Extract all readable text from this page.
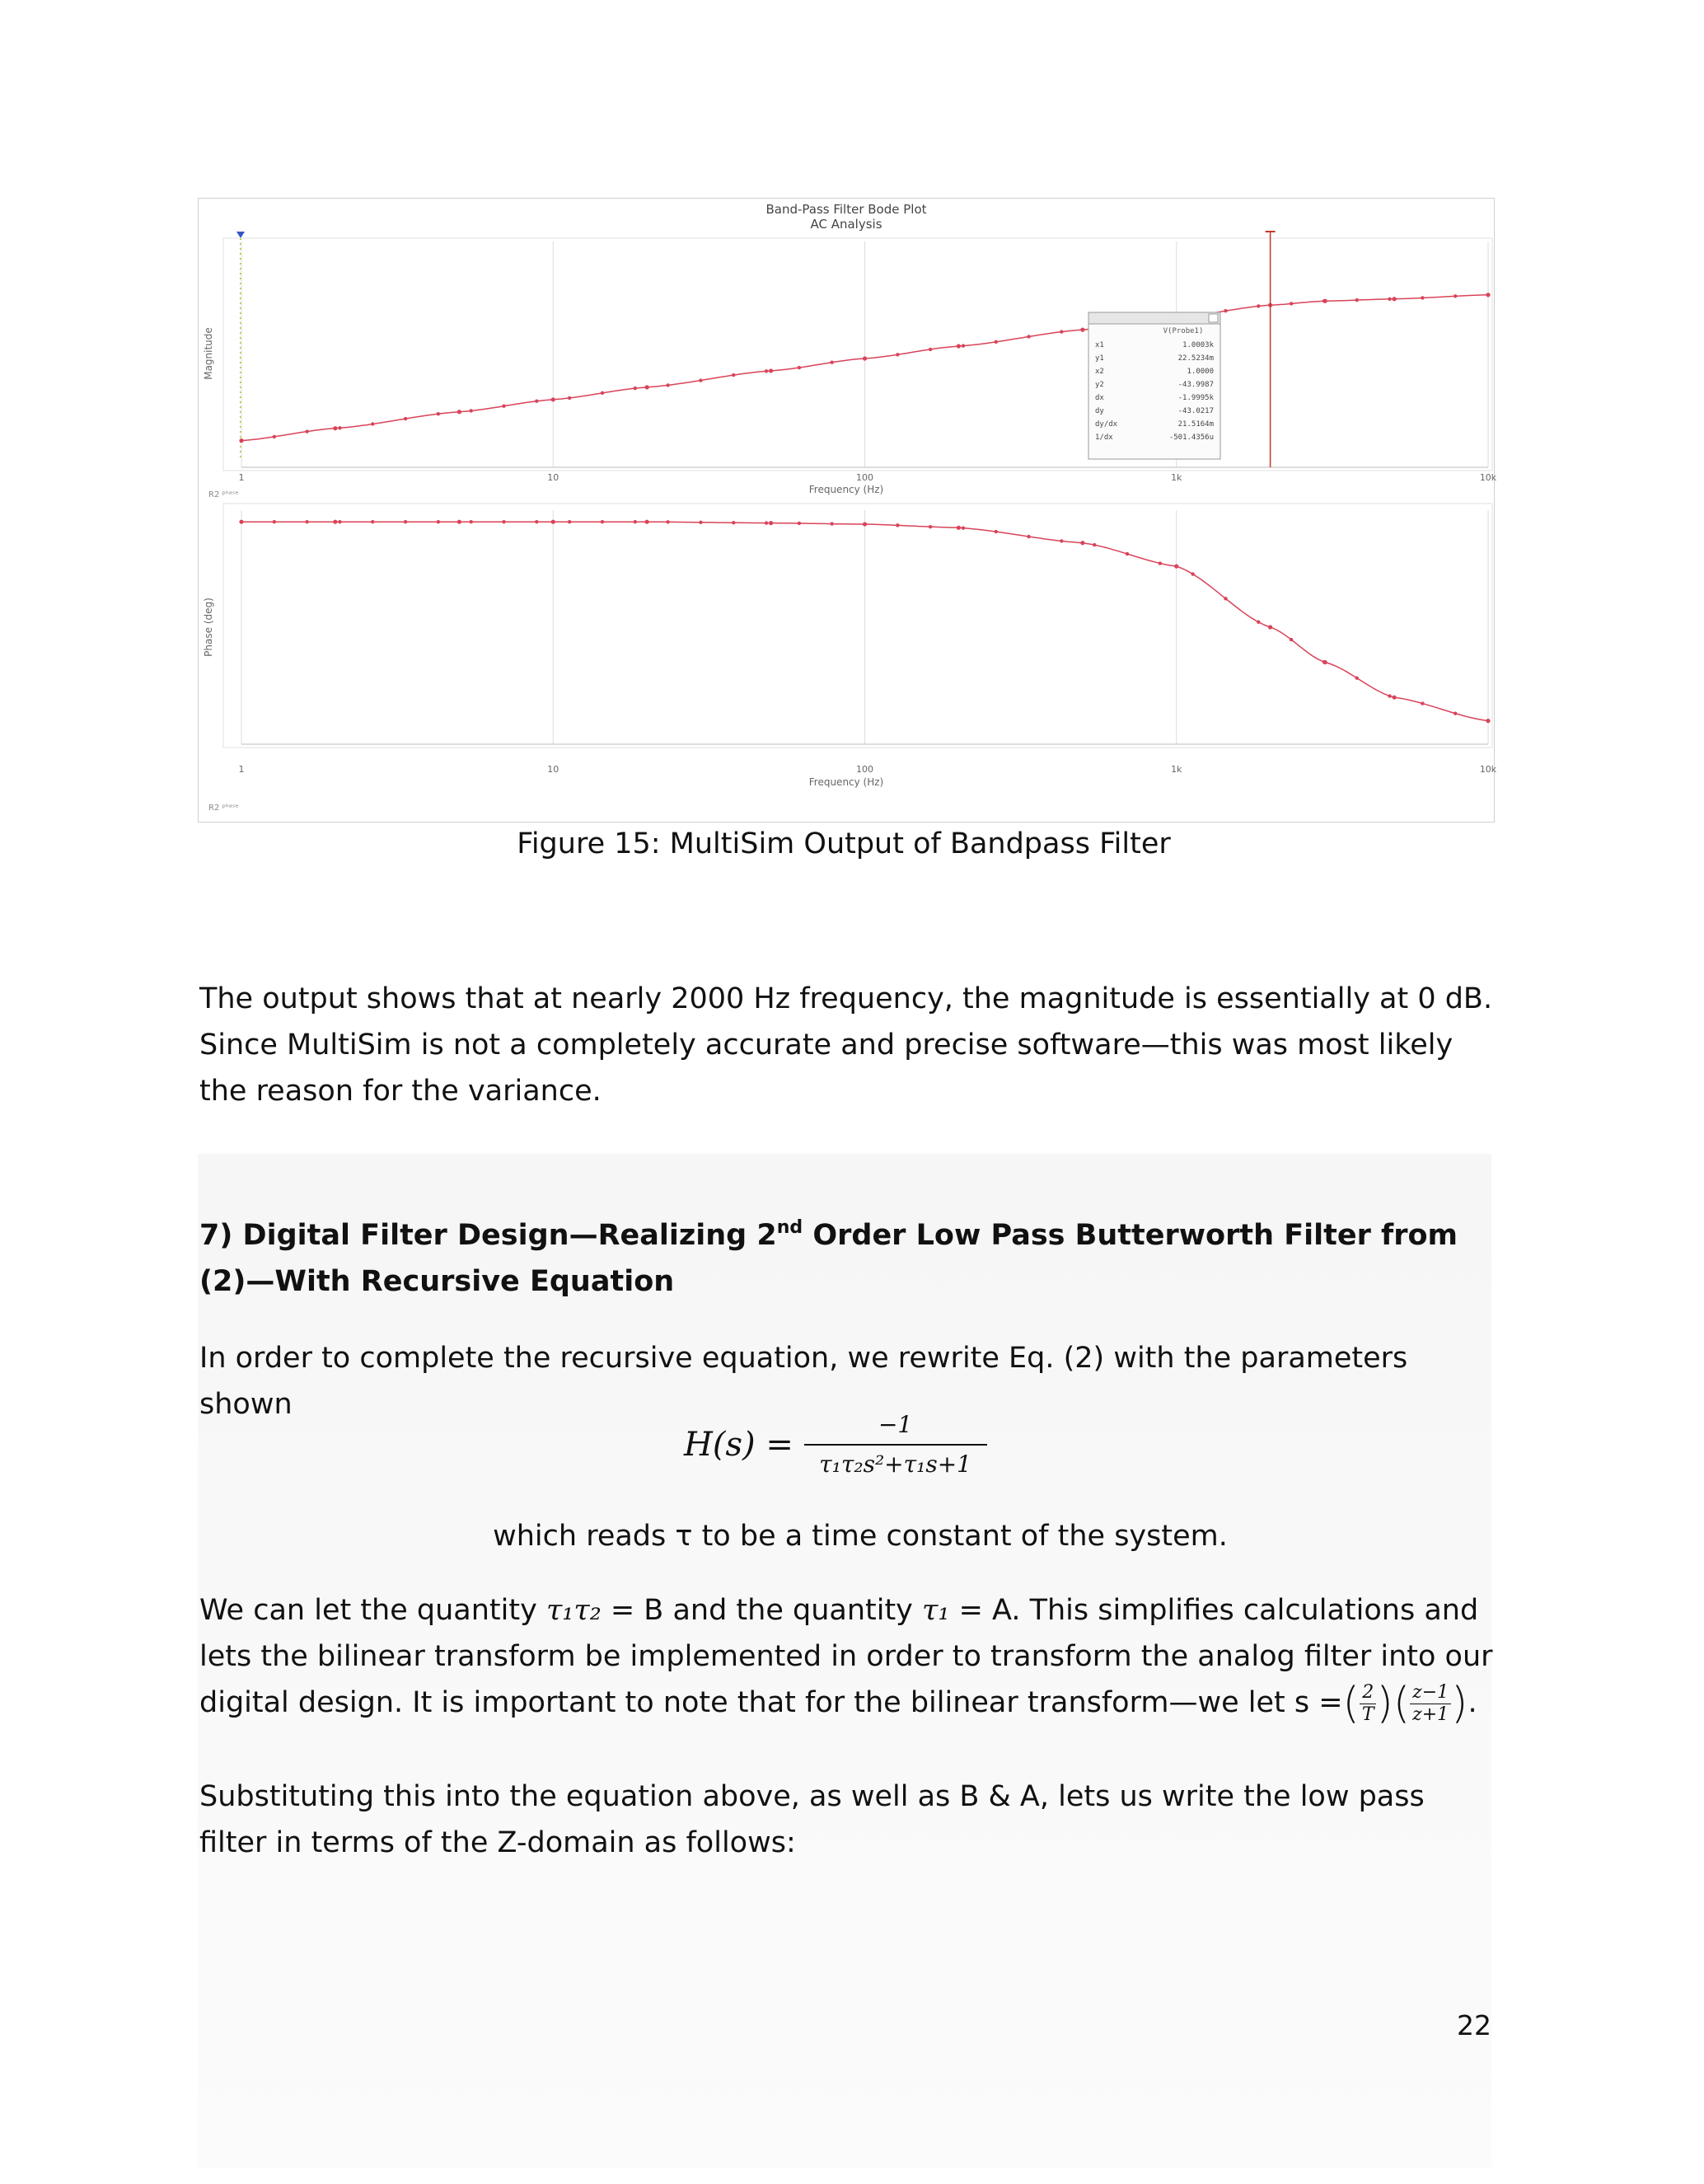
Band-Pass Filter Bode Plot
AC Analysis
Magnitude
Frequency (Hz)
1	10	100	1k	10k
V(Probe1)
x1	1.0003k
y1	22.5234m
x2	1.0000
y2	-43.9987
dx	-1.9995k
dy	-43.0217
dy/dx	21.5164m
1/dx	-501.4356u
R2 ᵖʰᵃˢᵉ
Phase (deg)
Frequency (Hz)
1	10	100	1k	10k
R2 ᵖʰᵃˢᵉ
Figure 15: MultiSim Output of Bandpass Filter
The output shows that at nearly 2000 Hz frequency, the magnitude is essentially at 0 dB. Since MultiSim is not a completely accurate and precise software—this was most likely the reason for the variance.
7) Digital Filter Design—Realizing 2nd Order Low Pass Butterworth Filter from (2)—With Recursive Equation
In order to complete the recursive equation, we rewrite Eq. (2) with the parameters shown
$H(s) = \frac{-1}{\text{τ₁τ₂s²+τ₁s+1}}$
which reads τ to be a time constant of the system.
We can let the quantity τ₁τ₂ = B and the quantity τ₁ = A. This simplifies calculations and lets the bilinear transform be implemented in order to transform the analog filter into our digital design. It is important to note that for the bilinear transform—we let s =( $\frac{2}{T}$ )( $\frac{z-1}{z+1}$ ).
Substituting this into the equation above, as well as B & A, lets us write the low pass filter in terms of the Z-domain as follows:
22
